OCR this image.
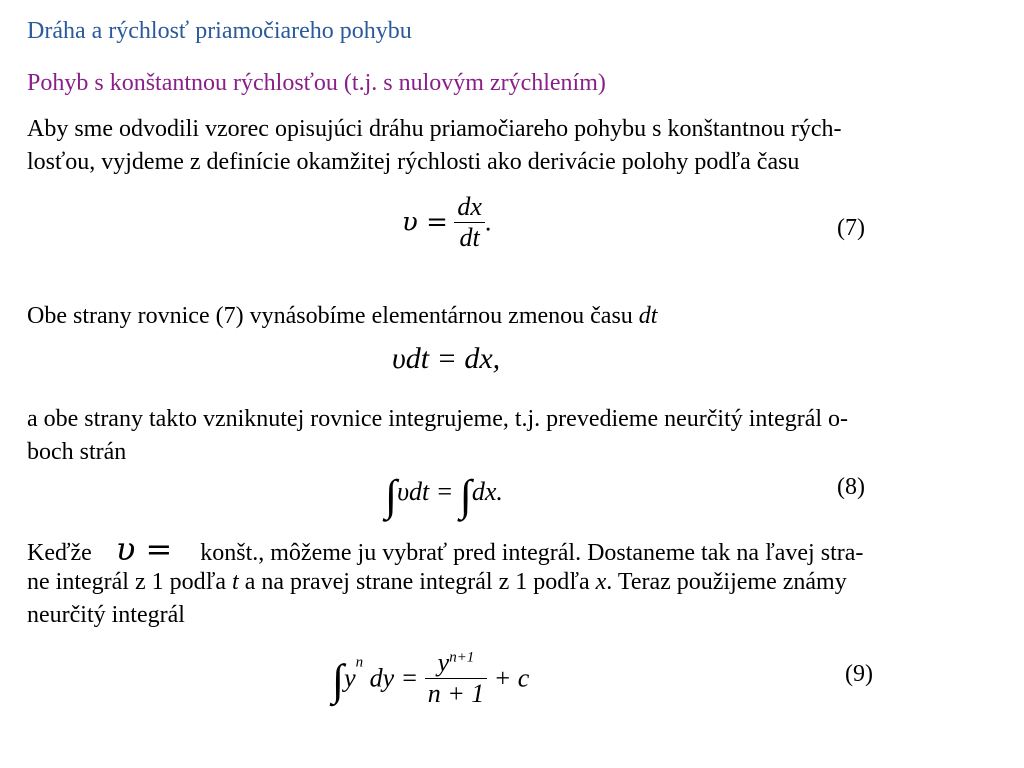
Dráha a rýchlosť priamočiareho pohybu
Pohyb s konštantnou rýchlosťou (t.j. s nulovým zrýchlením)
Aby sme odvodili vzorec opisujúci dráhu priamočiareho pohybu s konštantnou rých-
losťou, vyjdeme z definície okamžitej rýchlosti ako derivácie polohy podľa času
$\upsilon = \frac{dx}{dt}$ .	(7)
Obe strany rovnice (7) vynásobíme elementárnou zmenou času dt
υdt = dx,
a obe strany takto vzniknutej rovnice integrujeme, t.j. prevedieme neurčitý integrál o-
boch strán
∫υdt = ∫dx.	(8)
Keďže υ = konšt., môžeme ju vybrať pred integrál. Dostaneme tak na ľavej stra-
ne integrál z 1 podľa t a na pravej strane integrál z 1 podľa x. Teraz použijeme známy
neurčitý integrál
$\int y^n$ dy = $\frac{y^{n+1}}{n + 1} + c$	(9)
